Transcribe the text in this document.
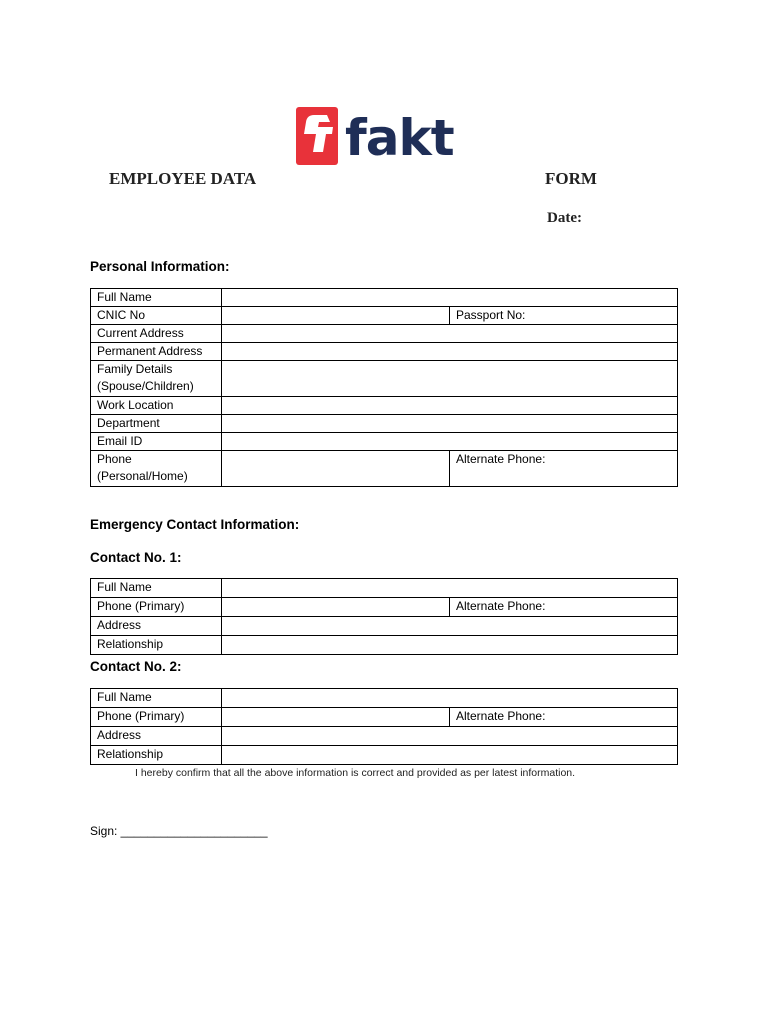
fakt
EMPLOYEE DATA	FORM
Date:
Personal Information:
Full Name		
CNIC No		Passport No:
Current Address		
Permanent Address		

Family Details
(Spouse/Children)		

Work Location		
Department		
Email ID		

Phone
(Personal/Home)		Alternate Phone:
Emergency Contact Information:
Contact No. 1:
Full Name		
Phone (Primary)		Alternate Phone:
Address		
Relationship		
Contact No. 2:
Full Name		
Phone (Primary)		Alternate Phone:
Address		
Relationship		
I hereby confirm that all the above information is correct and provided as per latest information.
Sign: ______________________
